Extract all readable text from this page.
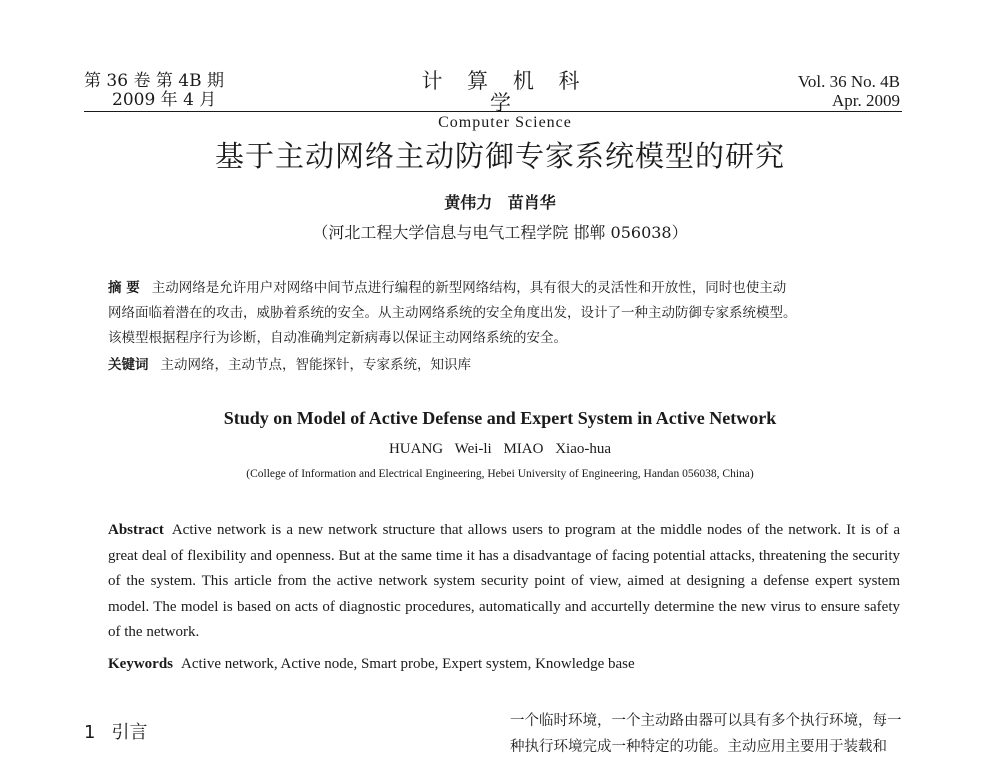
第 36 卷 第 4B 期
2009 年 4 月
计 算 机 科 学
Computer Science
Vol. 36 No. 4B
Apr. 2009
基于主动网络主动防御专家系统模型的研究
黄伟力 苗肖华
（河北工程大学信息与电气工程学院 邯郸 056038）
摘 要 主动网络是允许用户对网络中间节点进行编程的新型网络结构，具有很大的灵活性和开放性，同时也使主动
网络面临着潜在的攻击，威胁着系统的安全。从主动网络系统的安全角度出发，设计了一种主动防御专家系统模型。
该模型根据程序行为诊断，自动准确判定新病毒以保证主动网络系统的安全。
关键词 主动网络，主动节点，智能探针，专家系统，知识库
Study on Model of Active Defense and Expert System in Active Network
HUANG Wei-li MIAO Xiao-hua
(College of Information and Electrical Engineering, Hebei University of Engineering, Handan 056038, China)
Abstract Active network is a new network structure that allows users to program at the middle nodes of the network. It is of a great deal of flexibility and openness. But at the same time it has a disadvantage of facing potential attacks, threatening the security of the system. This article from the active network system security point of view, aimed at designing a defense expert system model. The model is based on acts of diagnostic procedures, automatically and accurtelly determine the new virus to ensure safety of the network.
Keywords Active network, Active node, Smart probe, Expert system, Knowledge base
1 引言
一个临时环境，一个主动路由器可以具有多个执行环境，每一
种执行环境完成一种特定的功能。主动应用主要用于装载和
